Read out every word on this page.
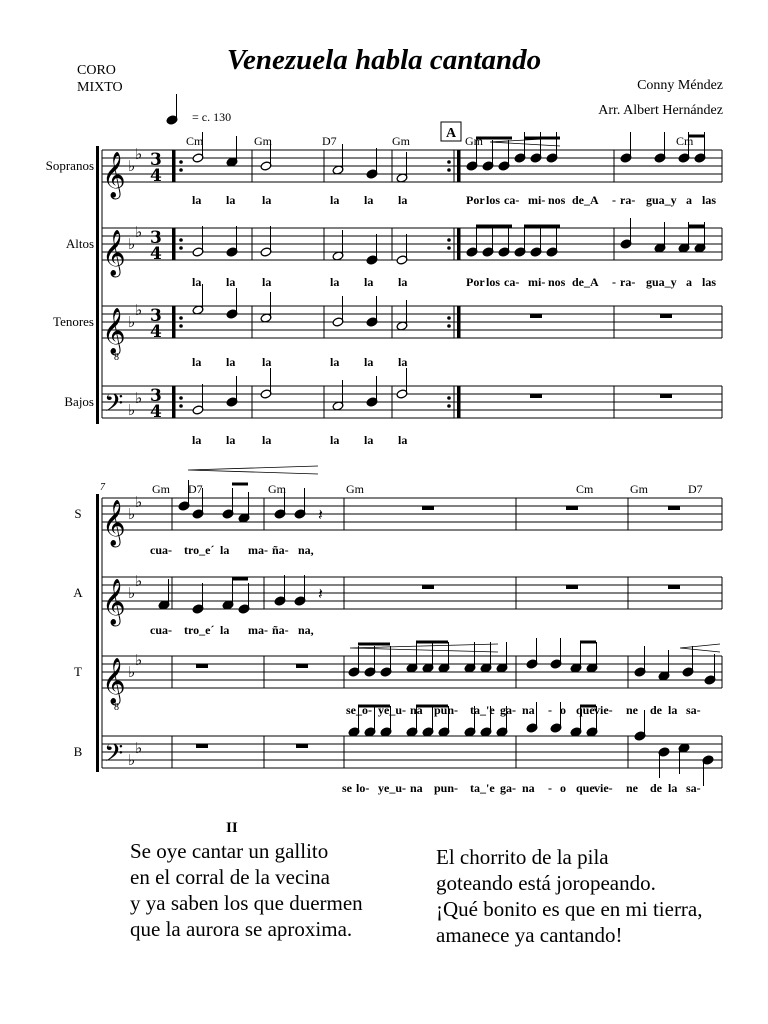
𝄞 ♭
♭ 3
4
𝄞 ♭
♭ 3
4
𝄞 ♭
♭ 3
4
𝄢 ♭
♭ 3
4
𝄞 ♭
♭
𝄞 ♭
♭
𝄞 ♭
♭
𝄢 ♭
♭
𝄽
𝄽
Sopranos
Altos
Tenores
Bajos
Cm	Gm	D7	Gm	Gm	Cm
A
8
la la la	la la la	Por los ca- mi- nos de_A - ra- gua_y a las
la la la	la la la	Por los ca- mi- nos de_A - ra- gua_y a las
la la la	la la la
la la la	la la la
S
A
T
B
7	Gm D7	Gm	Gm	Cm	Gm	D7
8
cua- tro_e´ la ma- ña- na,
cua- tro_e´ la ma- ña- na,
se_o- ye_u- na pun- ta_'e ga- na - o que vie- ne de la sa-
se lo- ye_u- na pun- ta_'e ga- na - o que vie- ne de la sa-
Venezuela habla cantando
CORO
MIXTO	Conny Méndez
Arr. Albert Hernández
= c. 130
II
Se oye cantar un gallito
en el corral de la vecina
y ya saben los que duermen
que la aurora se aproxima.
El chorrito de la pila
goteando está joropeando.
¡Qué bonito es que en mi tierra,
amanece ya cantando!
